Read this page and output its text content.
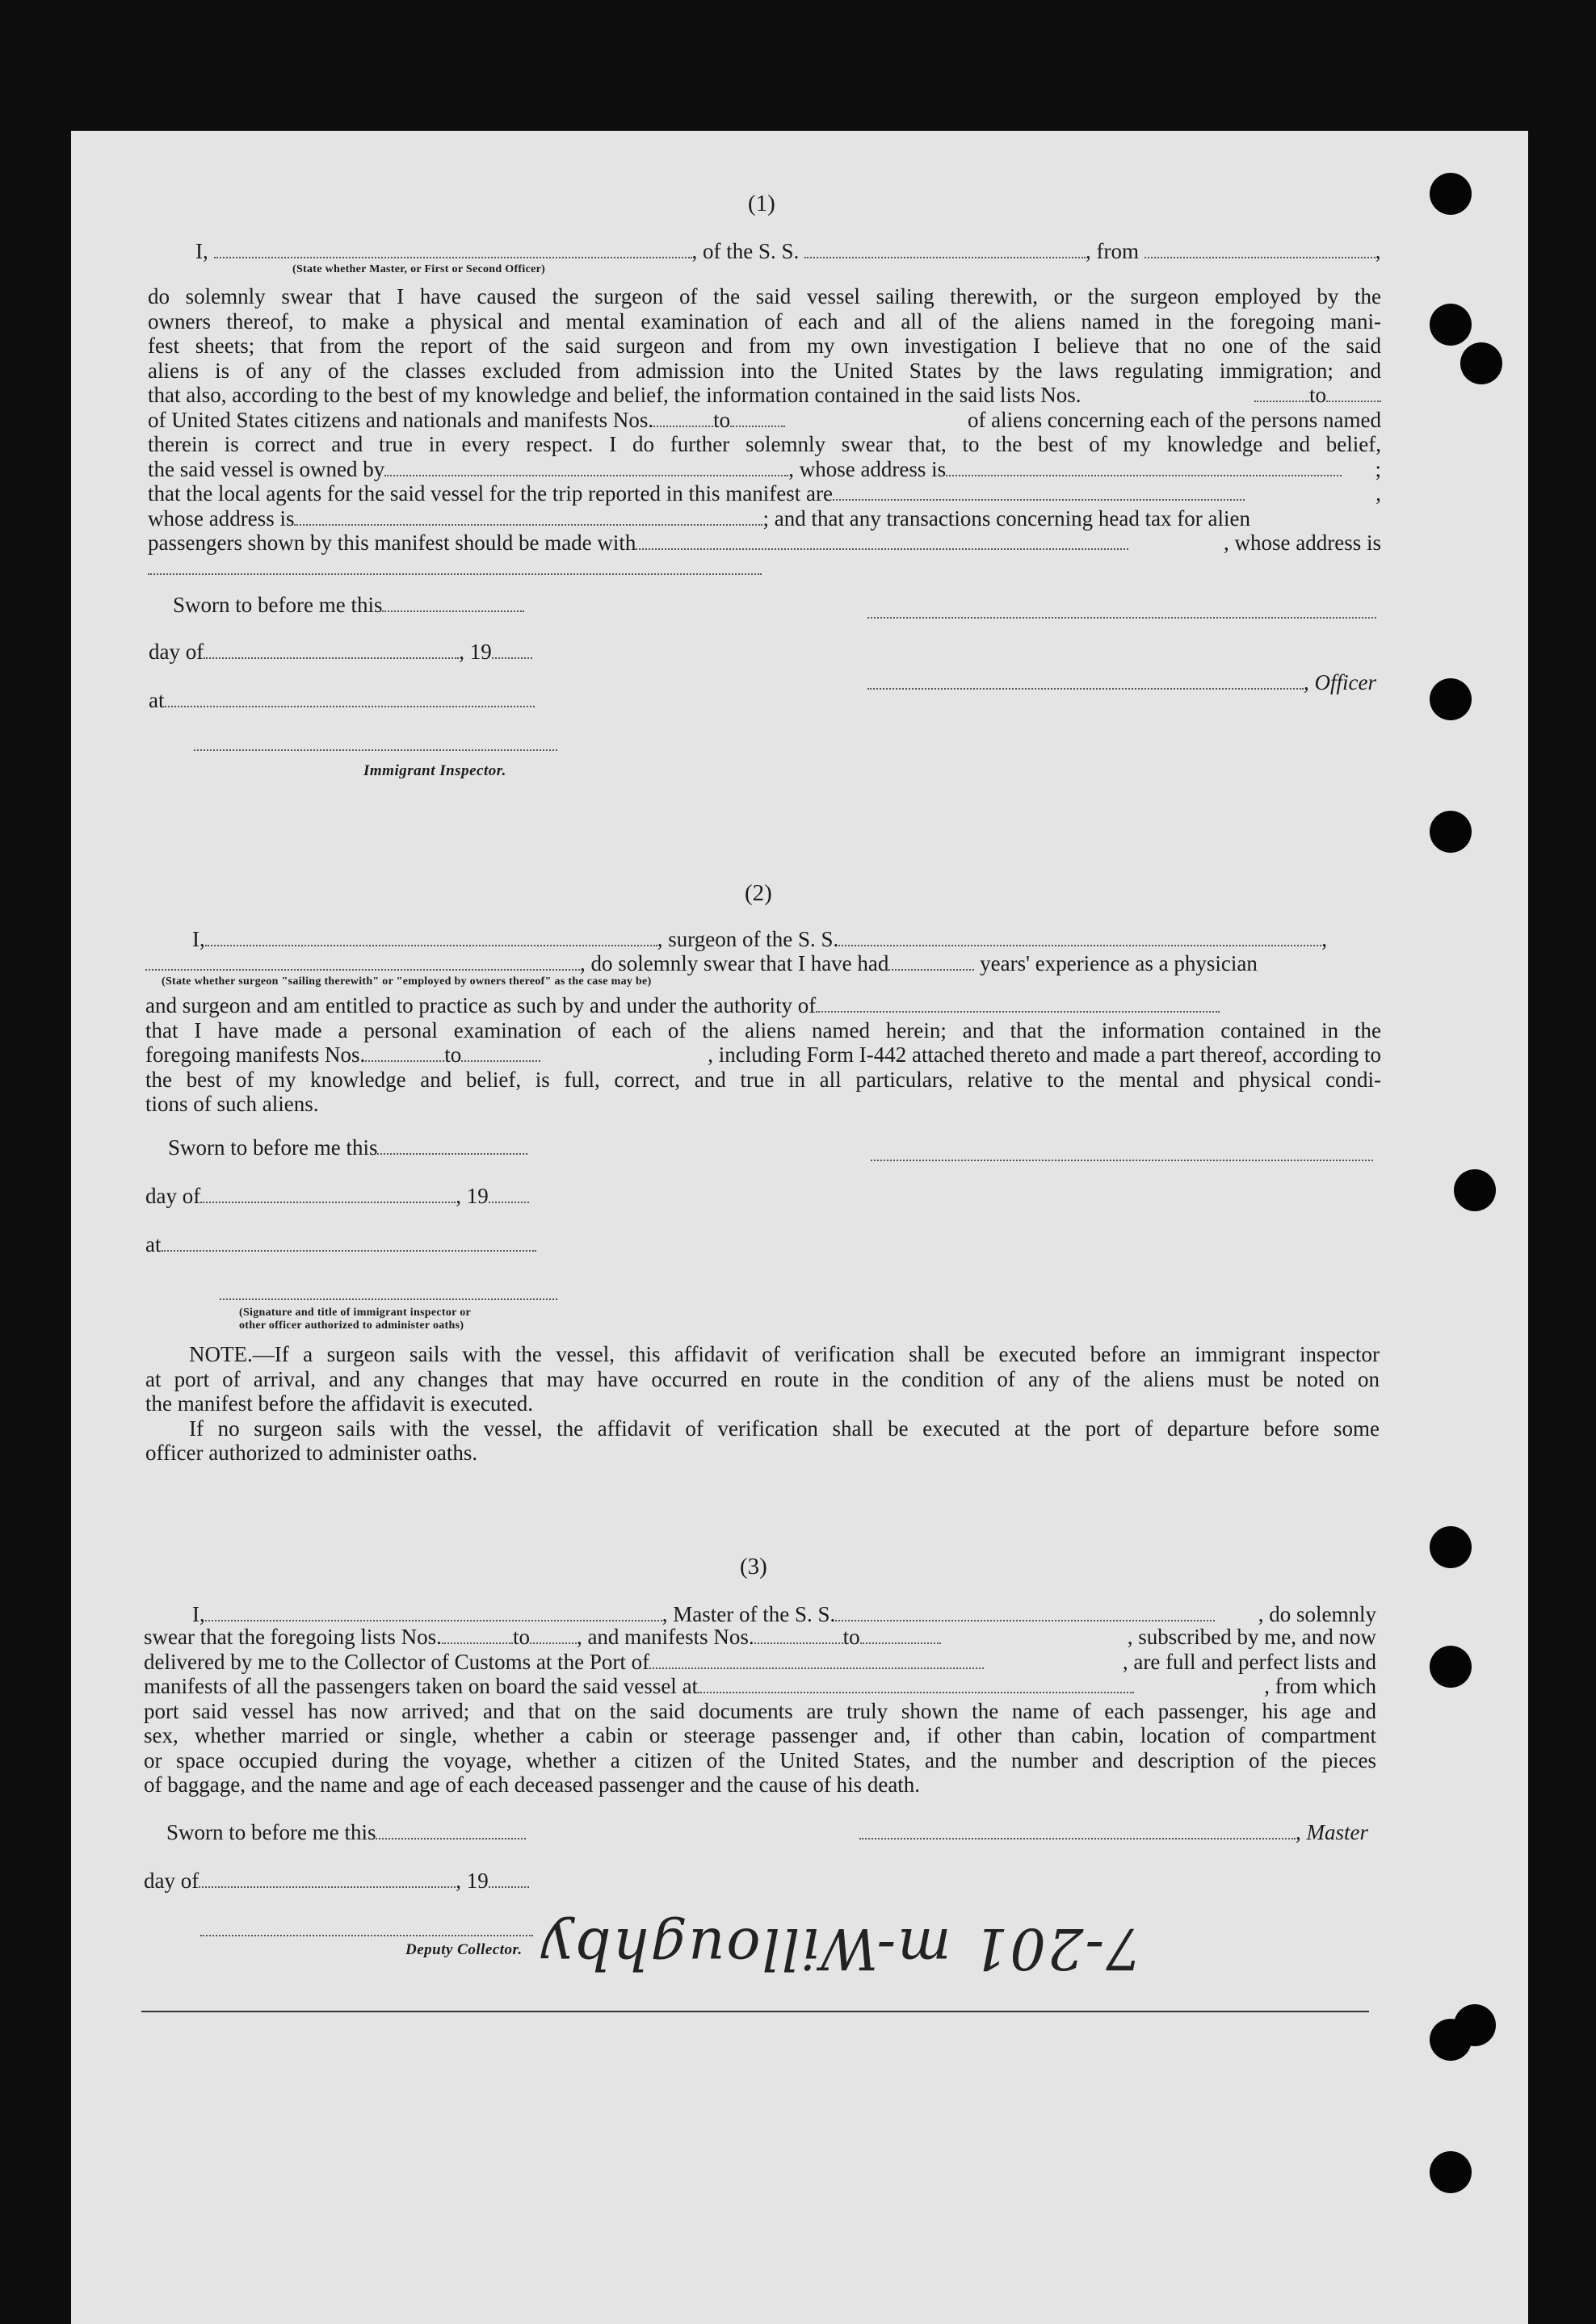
(1)
I,	, of the S. S.	, from	,
(State whether Master, or First or Second Officer)
do solemnly swear that I have caused the surgeon of the said vessel sailing therewith, or the surgeon employed by the
owners thereof, to make a physical and mental examination of each and all of the aliens named in the foregoing mani-
fest sheets; that from the report of the said surgeon and from my own investigation I believe that no one of the said
aliens is of any of the classes excluded from admission into the United States by the laws regulating immigration; and
that also, according to the best of my knowledge and belief, the information contained in the said lists Nos.	to
of United States citizens and nationals and manifests Nos.	to	of aliens concerning each of the persons named
therein is correct and true in every respect. I do further solemnly swear that, to the best of my knowledge and belief,
the said vessel is owned by	, whose address is	;
that the local agents for the said vessel for the trip reported in this manifest are	,
whose address is	; and that any transactions concerning head tax for alien
passengers shown by this manifest should be made with	, whose address is
Sworn to before me this
day of	, 19
, Officer
at
Immigrant Inspector.
(2)
I,	, surgeon of the S. S.	,
, do solemnly swear that I have had	years' experience as a physician
(State whether surgeon "sailing therewith" or "employed by owners thereof" as the case may be)
and surgeon and am entitled to practice as such by and under the authority of
that I have made a personal examination of each of the aliens named herein; and that the information contained in the
foregoing manifests Nos.	to	, including Form I-442 attached thereto and made a part thereof, according to
the best of my knowledge and belief, is full, correct, and true in all particulars, relative to the mental and physical condi-
tions of such aliens.
Sworn to before me this
day of	, 19
at
(Signature and title of immigrant inspector or
other officer authorized to administer oaths)
NOTE.—If a surgeon sails with the vessel, this affidavit of verification shall be executed before an immigrant inspector
at port of arrival, and any changes that may have occurred en route in the condition of any of the aliens must be noted on
the manifest before the affidavit is executed.
If no surgeon sails with the vessel, the affidavit of verification shall be executed at the port of departure before some
officer authorized to administer oaths.
(3)
I,	, Master of the S. S.	, do solemnly
swear that the foregoing lists Nos.	to , and manifests Nos.	to	, subscribed by me, and now
delivered by me to the Collector of Customs at the Port of	, are full and perfect lists and
manifests of all the passengers taken on board the said vessel at	, from which
port said vessel has now arrived; and that on the said documents are truly shown the name of each passenger, his age and
sex, whether married or single, whether a cabin or steerage passenger and, if other than cabin, location of compartment
or space occupied during the voyage, whether a citizen of the United States, and the number and description of the pieces
of baggage, and the name and age of each deceased passenger and the cause of his death.
Sworn to before me this	, Master
day of	, 19
Deputy Collector. 7-201 m-Willoughby
